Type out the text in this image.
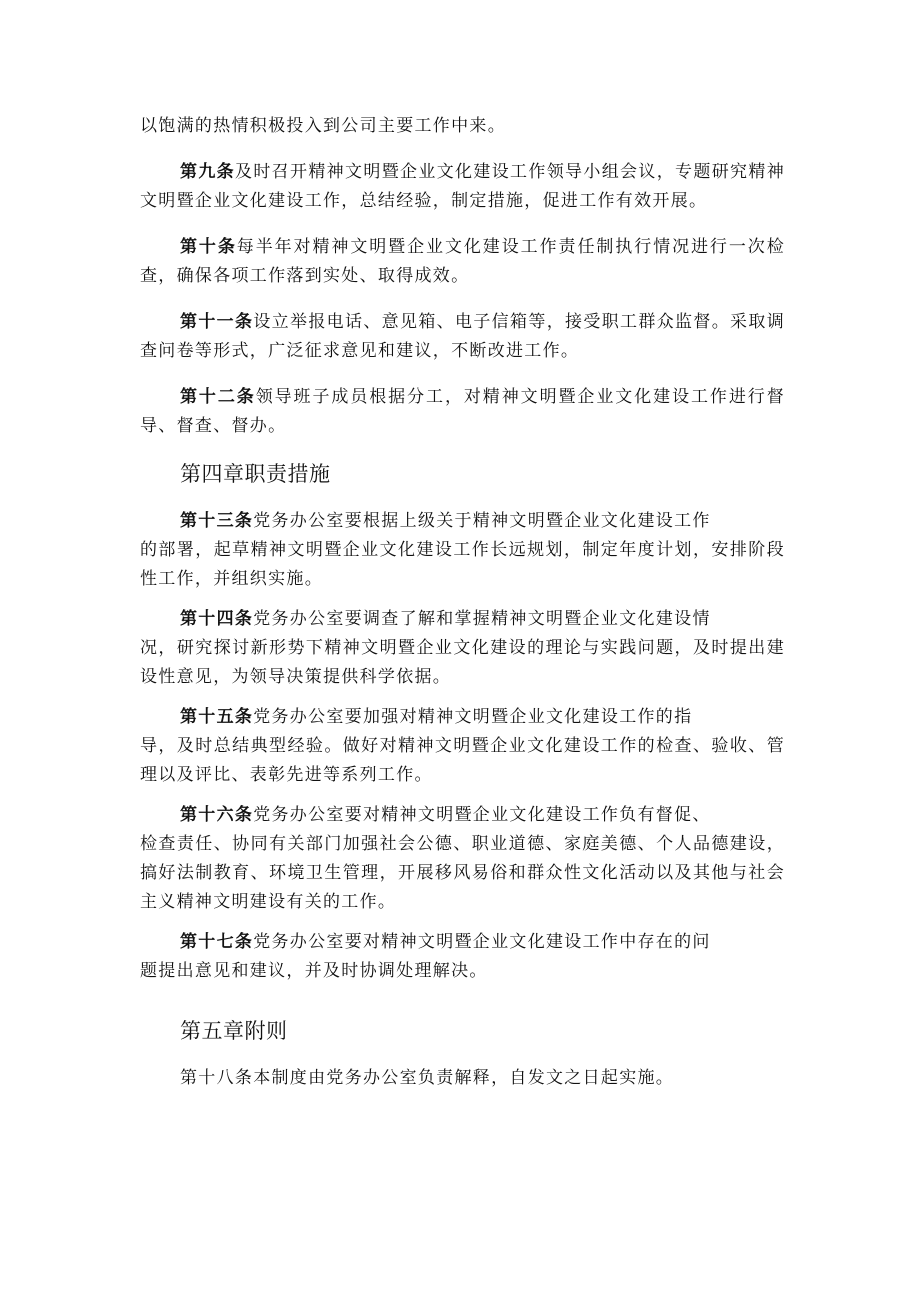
以饱满的热情积极投入到公司主要工作中来。

第九条及时召开精神文明暨企业文化建设工作领导小组会议，专题研究精神文明暨企业文化建设工作，总结经验，制定措施，促进工作有效开展。

第十条每半年对精神文明暨企业文化建设工作责任制执行情况进行一次检查，确保各项工作落到实处、取得成效。

第十一条设立举报电话、意见箱、电子信箱等，接受职工群众监督。采取调查问卷等形式，广泛征求意见和建议，不断改进工作。

第十二条领导班子成员根据分工，对精神文明暨企业文化建设工作进行督导、督查、督办。

第四章职责措施

第十三条党务办公室要根据上级关于精神文明暨企业文化建设工作

的部署，起草精神文明暨企业文化建设工作长远规划，制定年度计划，安排阶段性工作，并组织实施。

第十四条党务办公室要调查了解和掌握精神文明暨企业文化建设情

况，研究探讨新形势下精神文明暨企业文化建设的理论与实践问题，及时提出建设性意见，为领导决策提供科学依据。

第十五条党务办公室要加强对精神文明暨企业文化建设工作的指

导，及时总结典型经验。做好对精神文明暨企业文化建设工作的检查、验收、管理以及评比、表彰先进等系列工作。

第十六条党务办公室要对精神文明暨企业文化建设工作负有督促、

检查责任、协同有关部门加强社会公德、职业道德、家庭美德、个人品德建设，搞好法制教育、环境卫生管理，开展移风易俗和群众性文化活动以及其他与社会主义精神文明建设有关的工作。

第十七条党务办公室要对精神文明暨企业文化建设工作中存在的问

题提出意见和建议，并及时协调处理解决。

第五章附则

第十八条本制度由党务办公室负责解释，自发文之日起实施。
